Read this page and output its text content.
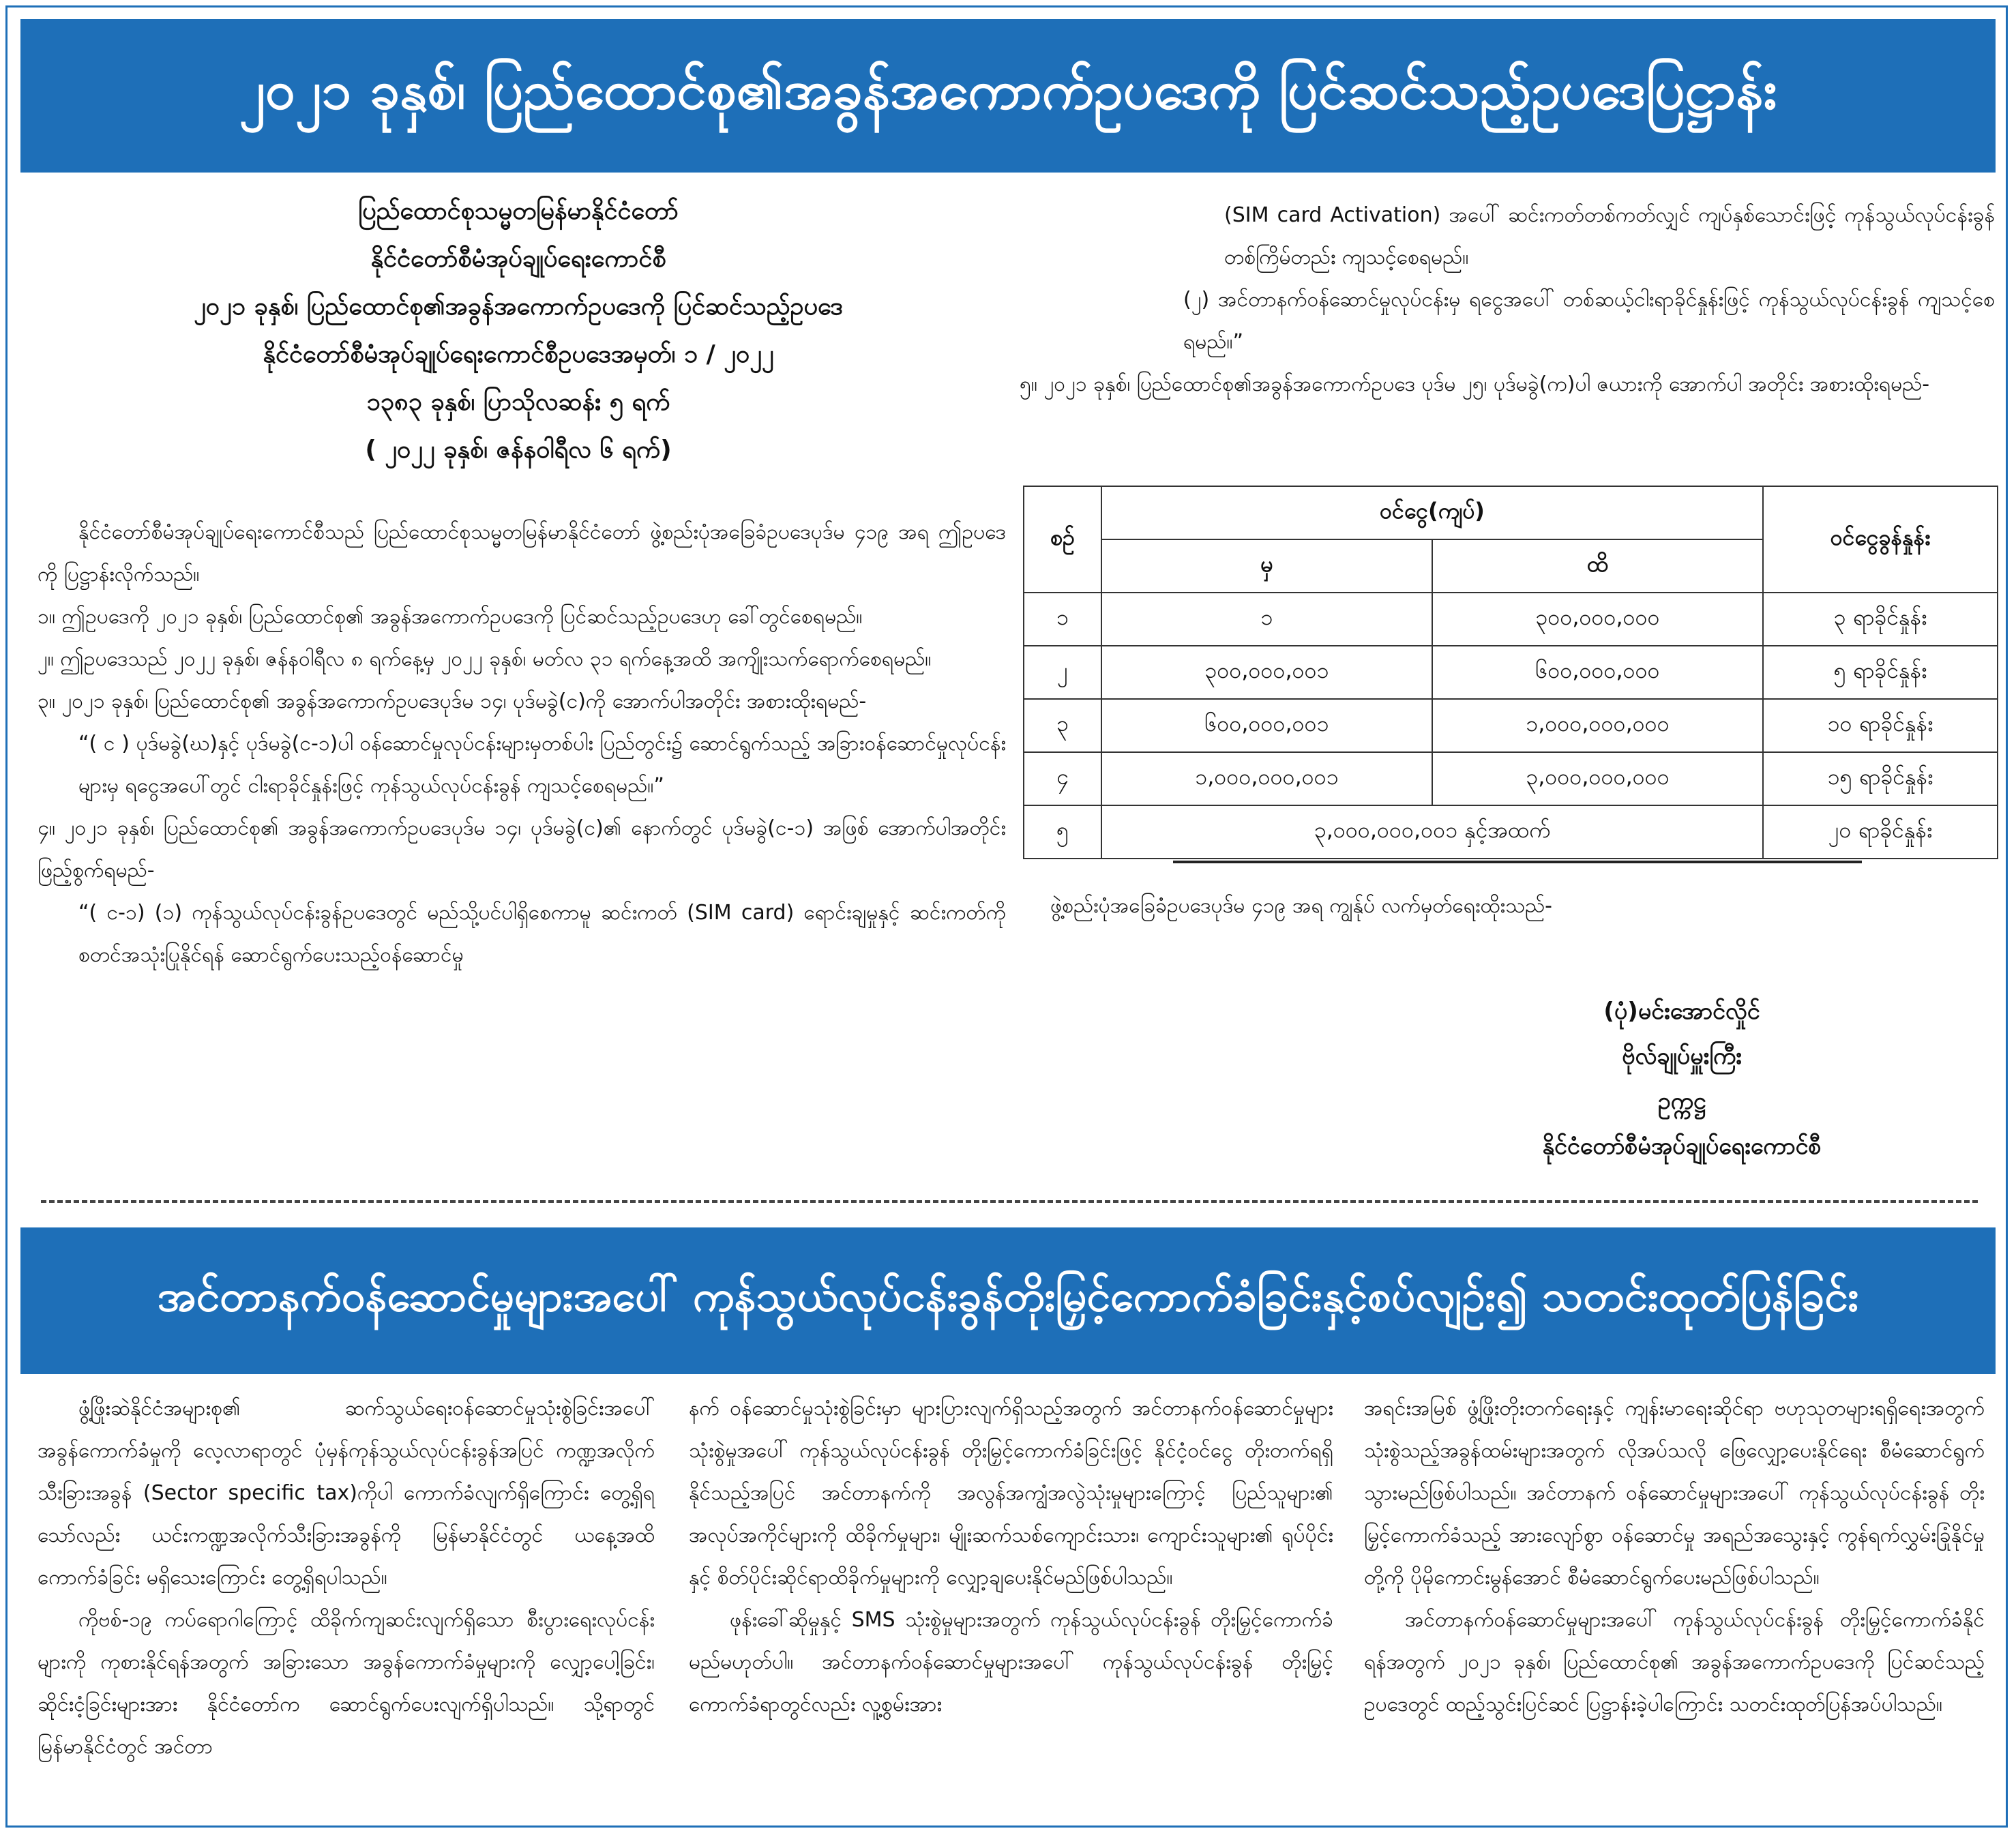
၂၀၂၁ ခုနှစ်၊ ပြည်ထောင်စု၏အခွန်အကောက်ဥပဒေကို ပြင်ဆင်သည့်ဥပဒေပြဋ္ဌာန်း
ပြည်ထောင်စုသမ္မတမြန်မာနိုင်ငံတော်
နိုင်ငံတော်စီမံအုပ်ချုပ်ရေးကောင်စီ
၂၀၂၁ ခုနှစ်၊ ပြည်ထောင်စု၏အခွန်အကောက်ဥပဒေကို ပြင်ဆင်သည့်ဥပဒေ
နိုင်ငံတော်စီမံအုပ်ချုပ်ရေးကောင်စီဥပဒေအမှတ်၊ ၁ / ၂၀၂၂
၁၃၈၃ ခုနှစ်၊ ပြာသိုလဆန်း ၅ ရက်
( ၂၀၂၂ ခုနှစ်၊ ဇန်နဝါရီလ ၆ ရက်)
နိုင်ငံတော်စီမံအုပ်ချုပ်ရေးကောင်စီသည် ပြည်ထောင်စုသမ္မတမြန်မာနိုင်ငံတော် ဖွဲ့စည်းပုံအခြေခံဥပဒေပုဒ်မ ၄၁၉ အရ ဤဥပဒေကို ပြဋ္ဌာန်းလိုက်သည်။
၁။ ဤဥပဒေကို ၂၀၂၁ ခုနှစ်၊ ပြည်ထောင်စု၏ အခွန်အကောက်ဥပဒေကို ပြင်ဆင်သည့်ဥပဒေဟု ခေါ်တွင်စေရမည်။
၂။ ဤဥပဒေသည် ၂၀၂၂ ခုနှစ်၊ ဇန်နဝါရီလ ၈ ရက်နေ့မှ ၂၀၂၂ ခုနှစ်၊ မတ်လ ၃၁ ရက်နေ့အထိ အကျိုးသက်ရောက်စေရမည်။
၃။ ၂၀၂၁ ခုနှစ်၊ ပြည်ထောင်စု၏ အခွန်အကောက်ဥပဒေပုဒ်မ ၁၄၊ ပုဒ်မခွဲ(င)ကို အောက်ပါအတိုင်း အစားထိုးရမည်-
“( င ) ပုဒ်မခွဲ(ဃ)နှင့် ပုဒ်မခွဲ(င-၁)ပါ ဝန်ဆောင်မှုလုပ်ငန်းများမှတစ်ပါး ပြည်တွင်း၌ ဆောင်ရွက်သည့် အခြားဝန်ဆောင်မှုလုပ်ငန်းများမှ ရငွေအပေါ်တွင် ငါးရာခိုင်နှုန်းဖြင့် ကုန်သွယ်လုပ်ငန်းခွန် ကျသင့်စေရမည်။”
၄။ ၂၀၂၁ ခုနှစ်၊ ပြည်ထောင်စု၏ အခွန်အကောက်ဥပဒေပုဒ်မ ၁၄၊ ပုဒ်မခွဲ(င)၏ နောက်တွင် ပုဒ်မခွဲ(င-၁) အဖြစ် အောက်ပါအတိုင်း ဖြည့်စွက်ရမည်-
“( င-၁) (၁) ကုန်သွယ်လုပ်ငန်းခွန်ဥပဒေတွင် မည်သို့ပင်ပါရှိစေကာမူ ဆင်းကတ် (SIM card) ရောင်းချမှုနှင့် ဆင်းကတ်ကို စတင်အသုံးပြုနိုင်ရန် ဆောင်ရွက်ပေးသည့်ဝန်ဆောင်မှု
(SIM card Activation) အပေါ် ဆင်းကတ်တစ်ကတ်လျှင် ကျပ်နှစ်သောင်းဖြင့် ကုန်သွယ်လုပ်ငန်းခွန် တစ်ကြိမ်တည်း ကျသင့်စေရမည်။
(၂) အင်တာနက်ဝန်ဆောင်မှုလုပ်ငန်းမှ ရငွေအပေါ် တစ်ဆယ့်ငါးရာခိုင်နှုန်းဖြင့် ကုန်သွယ်လုပ်ငန်းခွန် ကျသင့်စေရမည်။”
၅။ ၂၀၂၁ ခုနှစ်၊ ပြည်ထောင်စု၏အခွန်အကောက်ဥပဒေ ပုဒ်မ ၂၅၊ ပုဒ်မခွဲ(က)ပါ ဇယားကို အောက်ပါ အတိုင်း အစားထိုးရမည်-
စဉ်	ဝင်ငွေ(ကျပ်)		ဝင်ငွေခွန်နှုန်း
	မှ	ထိ	
၁	၁	၃၀၀,၀၀၀,၀၀၀	၃ ရာခိုင်နှုန်း
၂	၃၀၀,၀၀၀,၀၀၁	၆၀၀,၀၀၀,၀၀၀	၅ ရာခိုင်နှုန်း
၃	၆၀၀,၀၀၀,၀၀၁	၁,၀၀၀,၀၀၀,၀၀၀	၁၀ ရာခိုင်နှုန်း
၄	၁,၀၀၀,၀၀၀,၀၀၁	၃,၀၀၀,၀၀၀,၀၀၀	၁၅ ရာခိုင်နှုန်း
၅	၃,၀၀၀,၀၀၀,၀၀၁ နှင့်အထက်		၂၀ ရာခိုင်နှုန်း
ဖွဲ့စည်းပုံအခြေခံဥပဒေပုဒ်မ ၄၁၉ အရ ကျွန်ုပ် လက်မှတ်ရေးထိုးသည်-
(ပုံ)မင်းအောင်လှိုင်
ဗိုလ်ချုပ်မှူးကြီး
ဥက္ကဋ္ဌ
နိုင်ငံတော်စီမံအုပ်ချုပ်ရေးကောင်စီ
အင်တာနက်ဝန်ဆောင်မှုများအပေါ် ကုန်သွယ်လုပ်ငန်းခွန်တိုးမြှင့်ကောက်ခံခြင်းနှင့်စပ်လျဉ်း၍ သတင်းထုတ်ပြန်ခြင်း
ဖွံ့ဖြိုးဆဲနိုင်ငံအများစု၏ ဆက်သွယ်ရေးဝန်ဆောင်မှုသုံးစွဲခြင်းအပေါ် အခွန်ကောက်ခံမှုကို လေ့လာရာတွင် ပုံမှန်ကုန်သွယ်လုပ်ငန်းခွန်အပြင် ကဏ္ဍအလိုက်သီးခြားအခွန် (Sector specific tax)ကိုပါ ကောက်ခံလျက်ရှိကြောင်း တွေ့ရှိရသော်လည်း ယင်းကဏ္ဍအလိုက်သီးခြားအခွန်ကို မြန်မာနိုင်ငံတွင် ယနေ့အထိ ကောက်ခံခြင်း မရှိသေးကြောင်း တွေ့ရှိရပါသည်။
ကိုဗစ်-၁၉ ကပ်ရောဂါကြောင့် ထိခိုက်ကျဆင်းလျက်ရှိသော စီးပွားရေးလုပ်ငန်းများကို ကုစားနိုင်ရန်အတွက် အခြားသော အခွန်ကောက်ခံမှုများကို လျှော့ပေါ့ခြင်း၊ ဆိုင်းငံ့ခြင်းများအား နိုင်ငံတော်က ဆောင်ရွက်ပေးလျက်ရှိပါသည်။ သို့ရာတွင် မြန်မာနိုင်ငံတွင် အင်တာ
နက် ဝန်ဆောင်မှုသုံးစွဲခြင်းမှာ များပြားလျက်ရှိသည့်အတွက် အင်တာနက်ဝန်ဆောင်မှုများသုံးစွဲမှုအပေါ် ကုန်သွယ်လုပ်ငန်းခွန် တိုးမြှင့်ကောက်ခံခြင်းဖြင့် နိုင်ငံ့ဝင်ငွေ တိုးတက်ရရှိနိုင်သည့်အပြင် အင်တာနက်ကို အလွန်အကျွံအလွဲသုံးမှုများကြောင့် ပြည်သူများ၏ အလုပ်အကိုင်များကို ထိခိုက်မှုများ၊ မျိုးဆက်သစ်ကျောင်းသား၊ ကျောင်းသူများ၏ ရုပ်ပိုင်းနှင့် စိတ်ပိုင်းဆိုင်ရာထိခိုက်မှုများကို လျှော့ချပေးနိုင်မည်ဖြစ်ပါသည်။
ဖုန်းခေါ်ဆိုမှုနှင့် SMS သုံးစွဲမှုများအတွက် ကုန်သွယ်လုပ်ငန်းခွန် တိုးမြှင့်ကောက်ခံမည်မဟုတ်ပါ။ အင်တာနက်ဝန်ဆောင်မှုများအပေါ် ကုန်သွယ်လုပ်ငန်းခွန် တိုးမြှင့်ကောက်ခံရာတွင်လည်း လူ့စွမ်းအား
အရင်းအမြစ် ဖွံ့ဖြိုးတိုးတက်ရေးနှင့် ကျန်းမာရေးဆိုင်ရာ ဗဟုသုတများရရှိရေးအတွက် သုံးစွဲသည့်အခွန်ထမ်းများအတွက် လိုအပ်သလို ဖြေလျှော့ပေးနိုင်ရေး စီမံဆောင်ရွက်သွားမည်ဖြစ်ပါသည်။ အင်တာနက် ဝန်ဆောင်မှုများအပေါ် ကုန်သွယ်လုပ်ငန်းခွန် တိုးမြှင့်ကောက်ခံသည့် အားလျော်စွာ ဝန်ဆောင်မှု အရည်အသွေးနှင့် ကွန်ရက်လွှမ်းခြုံနိုင်မှုတို့ကို ပိုမိုကောင်းမွန်အောင် စီမံဆောင်ရွက်ပေးမည်ဖြစ်ပါသည်။
အင်တာနက်ဝန်ဆောင်မှုများအပေါ် ကုန်သွယ်လုပ်ငန်းခွန် တိုးမြှင့်ကောက်ခံနိုင်ရန်အတွက် ၂၀၂၁ ခုနှစ်၊ ပြည်ထောင်စု၏ အခွန်အကောက်ဥပဒေကို ပြင်ဆင်သည့်ဥပဒေတွင် ထည့်သွင်းပြင်ဆင် ပြဋ္ဌာန်းခဲ့ပါကြောင်း သတင်းထုတ်ပြန်အပ်ပါသည်။
